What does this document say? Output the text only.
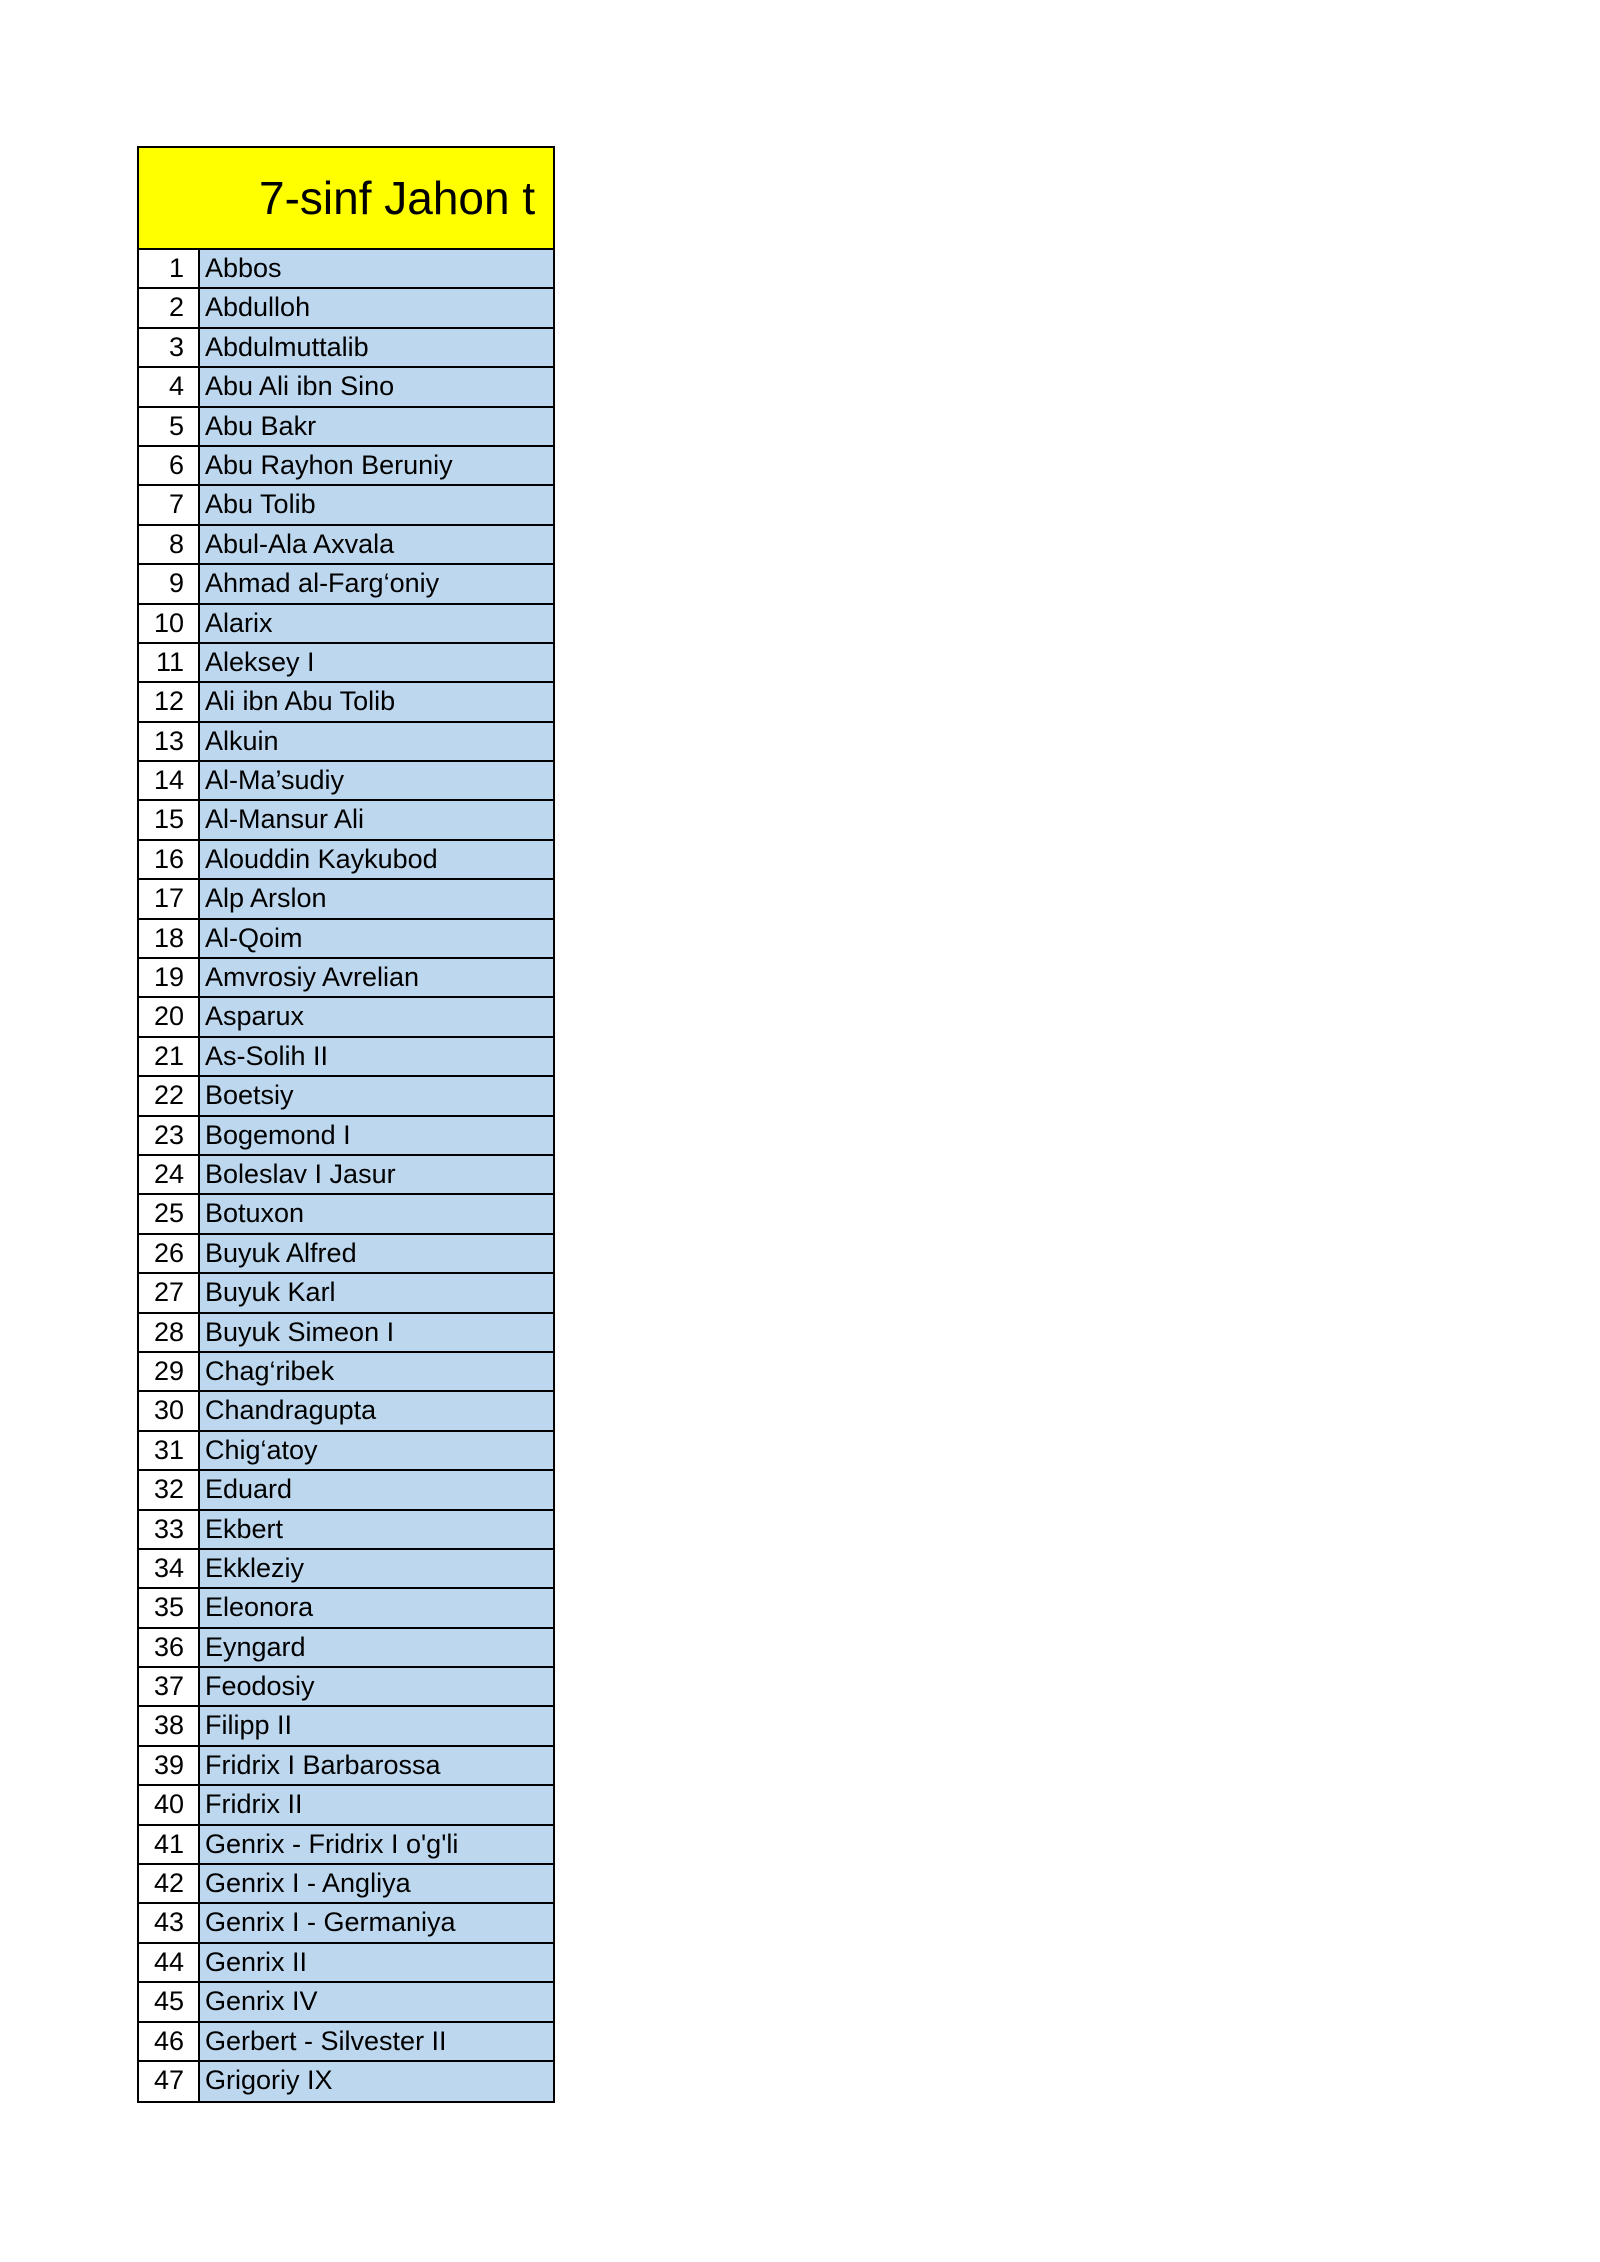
7-sinf Jahon t
1 Abbos
2 Abdulloh
3 Abdulmuttalib
4 Abu Ali ibn Sino
5 Abu Bakr
6 Abu Rayhon Beruniy
7 Abu Tolib
8 Abul-Ala Axvala
9 Ahmad al-Farg‘oniy
10 Alarix
11 Aleksey I
12 Ali ibn Abu Tolib
13 Alkuin
14 Al-Ma’sudiy
15 Al-Mansur Ali
16 Alouddin Kaykubod
17 Alp Arslon
18 Al-Qoim
19 Amvrosiy Avrelian
20 Asparux
21 As-Solih II
22 Boetsiy
23 Bogemond I
24 Boleslav I Jasur
25 Botuxon
26 Buyuk Alfred
27 Buyuk Karl
28 Buyuk Simeon I
29 Chag‘ribek
30 Chandragupta
31 Chig‘atoy
32 Eduard
33 Ekbert
34 Ekkleziy
35 Eleonora
36 Eyngard
37 Feodosiy
38 Filipp II
39 Fridrix I Barbarossa
40 Fridrix II
41 Genrix - Fridrix I o'g'li
42 Genrix I - Angliya
43 Genrix I - Germaniya
44 Genrix II
45 Genrix IV
46 Gerbert - Silvester II
47 Grigoriy IX
